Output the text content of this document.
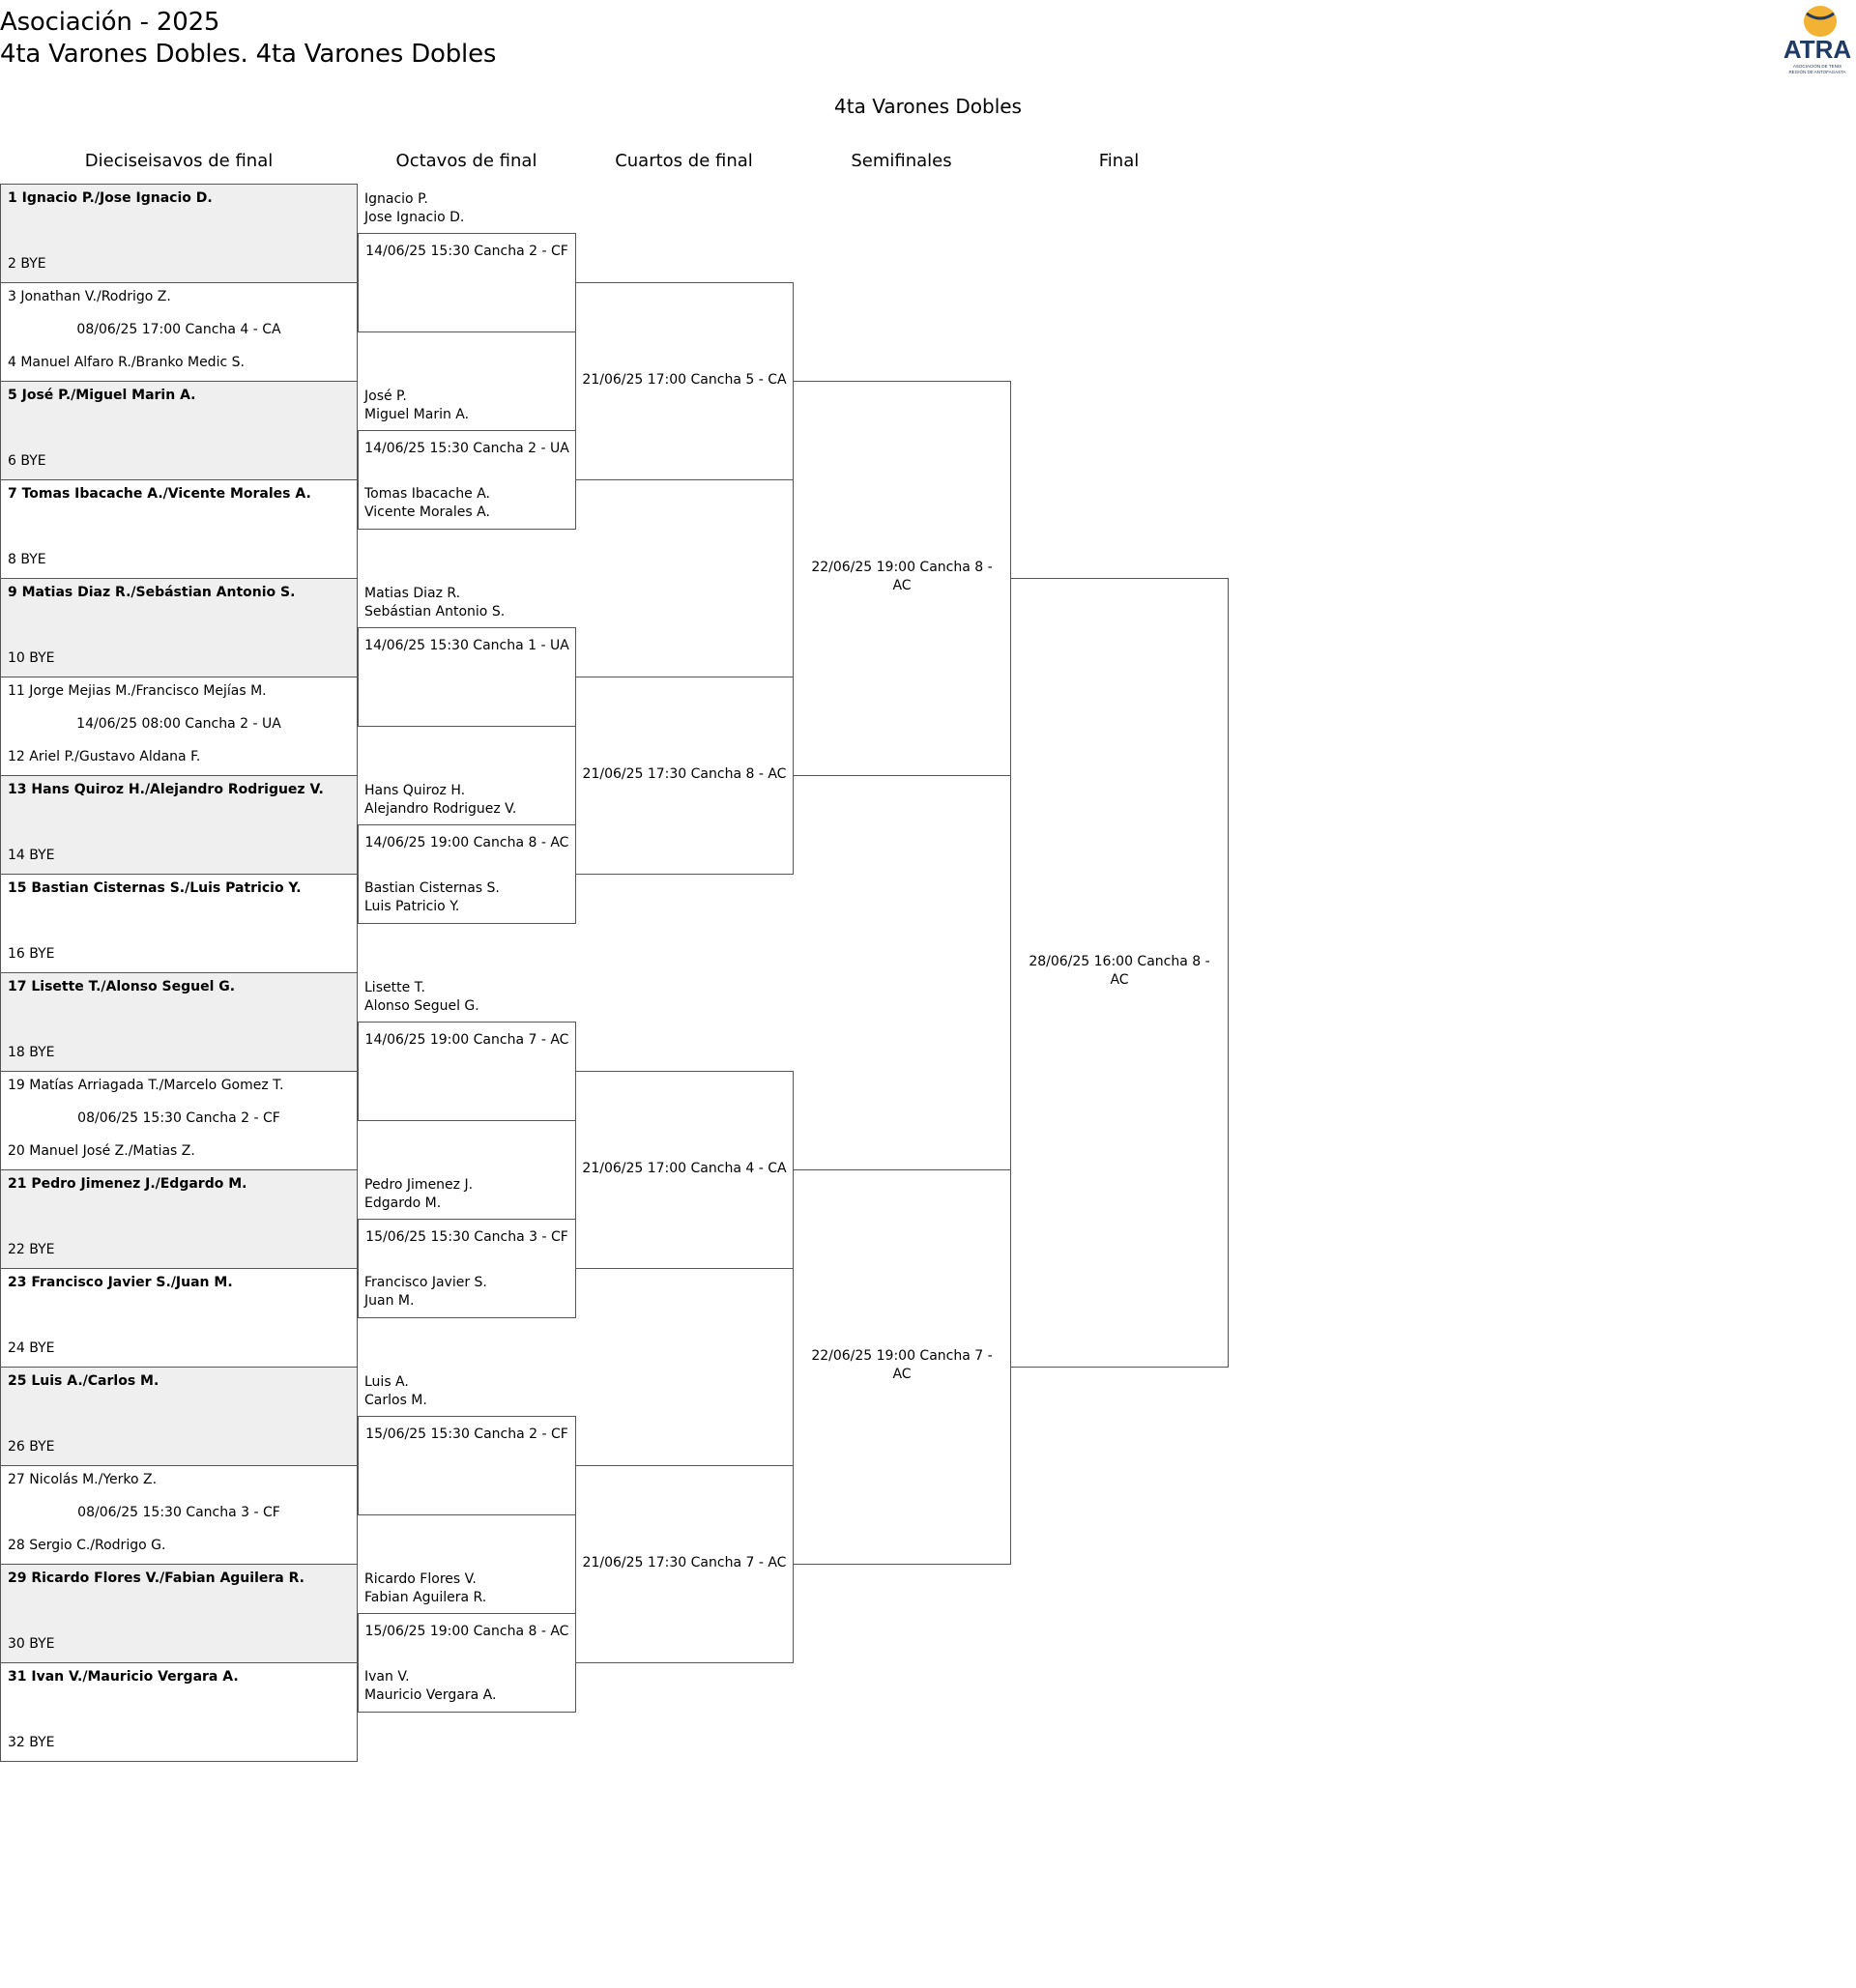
Asociación - 2025
4ta Varones Dobles. 4ta Varones Dobles	ATRA
ASOCIACIÓN DE TENIS
REGIÓN DE ANTOFAGASTA
4ta Varones Dobles
Dieciseisavos de final	Octavos de final	Cuartos de final	Semifinales	Final
1 Ignacio P./Jose Ignacio D.
2 BYE
3 Jonathan V./Rodrigo Z.
4 Manuel Alfaro R./Branko Medic S.
08/06/25 17:00 Cancha 4 - CA
5 José P./Miguel Marin A.
6 BYE
7 Tomas Ibacache A./Vicente Morales A.
8 BYE
9 Matias Diaz R./Sebástian Antonio S.
10 BYE
11 Jorge Mejias M./Francisco Mejías M.
12 Ariel P./Gustavo Aldana F.
14/06/25 08:00 Cancha 2 - UA
13 Hans Quiroz H./Alejandro Rodriguez V.
14 BYE
15 Bastian Cisternas S./Luis Patricio Y.
16 BYE
17 Lisette T./Alonso Seguel G.
18 BYE
19 Matías Arriagada T./Marcelo Gomez T.
20 Manuel José Z./Matias Z.
08/06/25 15:30 Cancha 2 - CF
21 Pedro Jimenez J./Edgardo M.
22 BYE
23 Francisco Javier S./Juan M.
24 BYE
25 Luis A./Carlos M.
26 BYE
27 Nicolás M./Yerko Z.
28 Sergio C./Rodrigo G.
08/06/25 15:30 Cancha 3 - CF
29 Ricardo Flores V./Fabian Aguilera R.
30 BYE
31 Ivan V./Mauricio Vergara A.
32 BYE
Ignacio P.
Jose Ignacio D.
14/06/25 15:30 Cancha 2 - CF
José P.
Miguel Marin A.
14/06/25 15:30 Cancha 2 - UA
Tomas Ibacache A.
Vicente Morales A.
Matias Diaz R.
Sebástian Antonio S.
14/06/25 15:30 Cancha 1 - UA
Hans Quiroz H.
Alejandro Rodriguez V.
14/06/25 19:00 Cancha 8 - AC
Bastian Cisternas S.
Luis Patricio Y.
Lisette T.
Alonso Seguel G.
14/06/25 19:00 Cancha 7 - AC
Pedro Jimenez J.
Edgardo M.
15/06/25 15:30 Cancha 3 - CF
Francisco Javier S.
Juan M.
Luis A.
Carlos M.
15/06/25 15:30 Cancha 2 - CF
Ricardo Flores V.
Fabian Aguilera R.
15/06/25 19:00 Cancha 8 - AC
Ivan V.
Mauricio Vergara A.
21/06/25 17:00 Cancha 5 - CA
21/06/25 17:30 Cancha 8 - AC
21/06/25 17:00 Cancha 4 - CA
21/06/25 17:30 Cancha 7 - AC
22/06/25 19:00 Cancha 8 - AC
22/06/25 19:00 Cancha 7 - AC
28/06/25 16:00 Cancha 8 - AC
